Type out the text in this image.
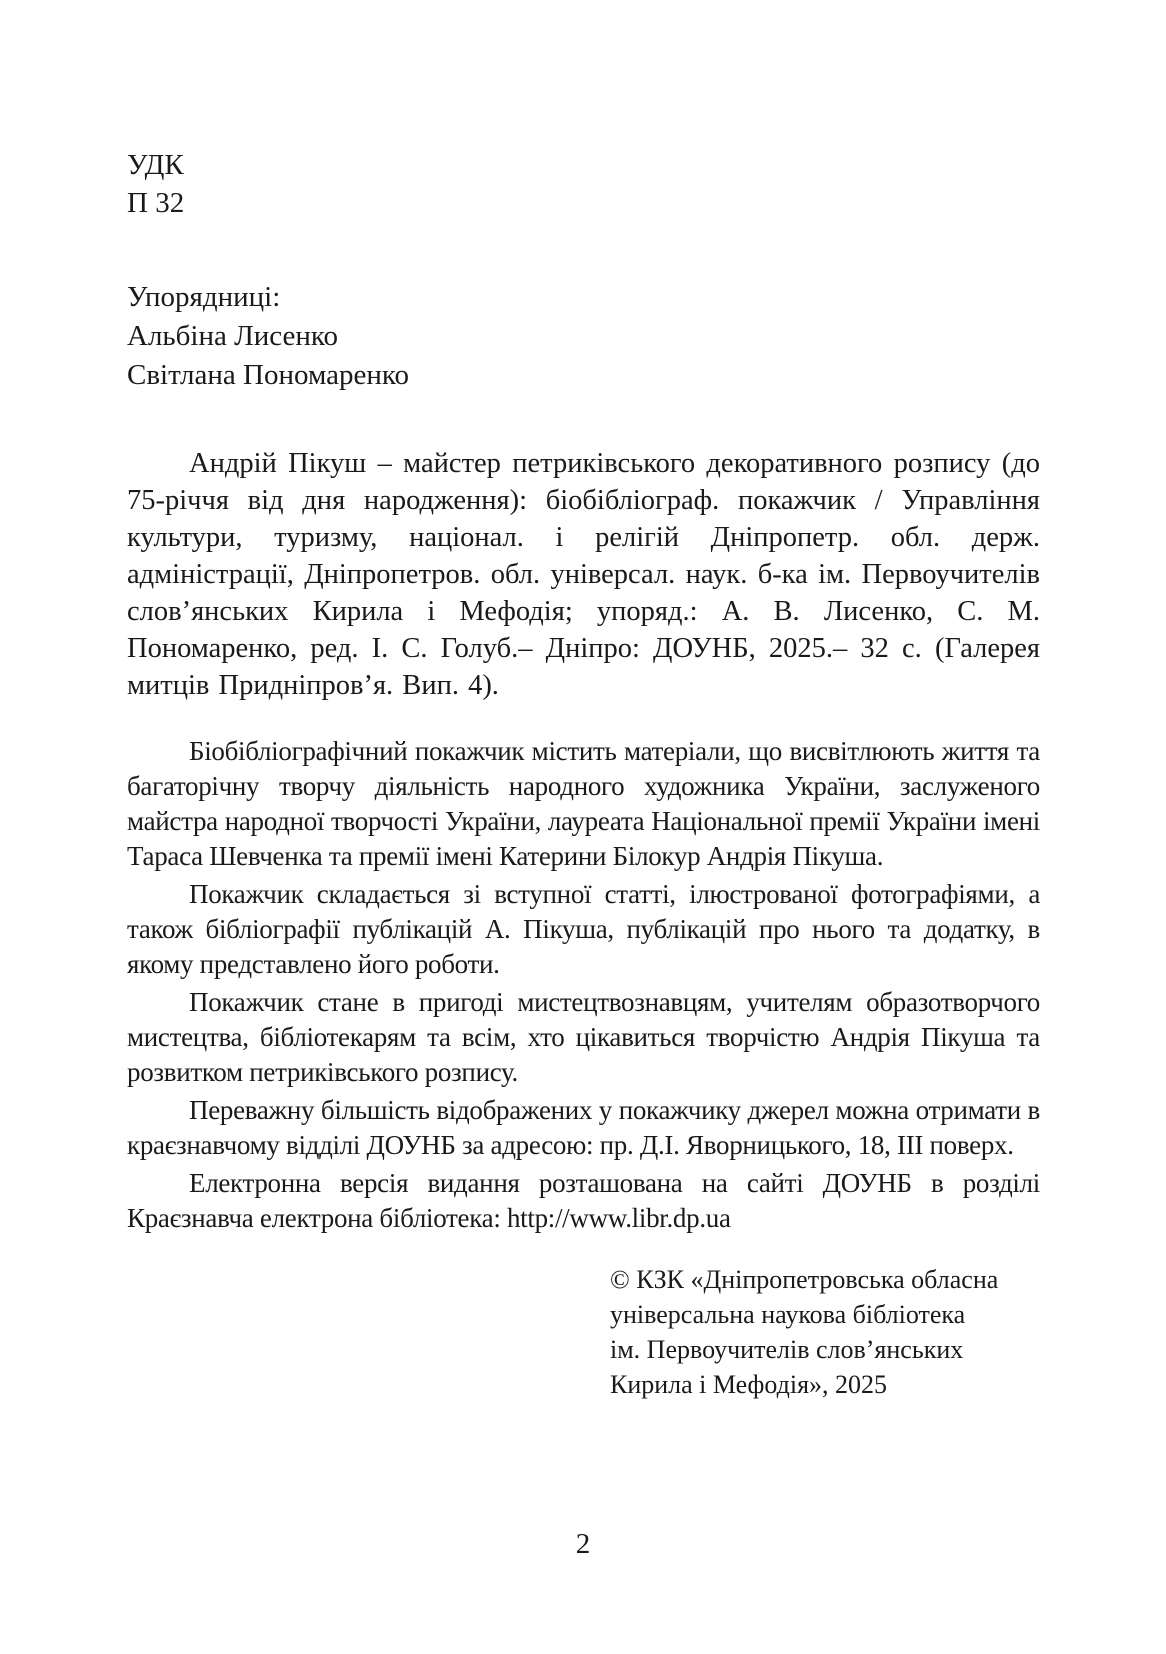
УДК
П 32
Упорядниці:
Альбіна Лисенко
Світлана Пономаренко

Андрій Пікуш – майстер петриківського декоративного розпису (до 75-річчя від дня народження): біобібліограф. покажчик / Управління культури, туризму, націонал. і релігій Дніпропетр. обл. держ. адміністрації, Дніпропетров. обл. універсал. наук. б-ка ім. Первоучителів слов’янських Кирила і Мефодія; упоряд.: А. В. Лисенко, С. М. Пономаренко, ред. І. С. Голуб.– Дніпро: ДОУНБ, 2025.– 32 с. (Галерея митців Придніпров’я. Вип. 4).

Біобібліографічний покажчик містить матеріали, що висвітлюють життя та багаторічну творчу діяльність народного художника України, заслуженого майстра народної творчості України, лауреата Національної премії України імені Тараса Шевченка та премії імені Катерини Білокур Андрія Пікуша.

Покажчик складається зі вступної статті, ілюстрованої фотографіями, а також бібліографії публікацій А. Пікуша, публікацій про нього та додатку, в якому представлено його роботи.

Покажчик стане в пригоді мистецтвознавцям, учителям образотворчого мистецтва, бібліотекарям та всім, хто цікавиться творчістю Андрія Пікуша та розвитком петриківського розпису.

Переважну більшість відображених у покажчику джерел можна отримати в краєзнавчому відділі ДОУНБ за адресою: пр. Д.І. Яворницького, 18, ІІІ поверх.

Електронна версія видання розташована на сайті ДОУНБ в розділі Краєзнавча електрона бібліотека: http://www.libr.dp.ua

© КЗК «Дніпропетровська обласна
універсальна наукова бібліотека
ім. Первоучителів слов’янських
Кирила і Мефодія», 2025
2
